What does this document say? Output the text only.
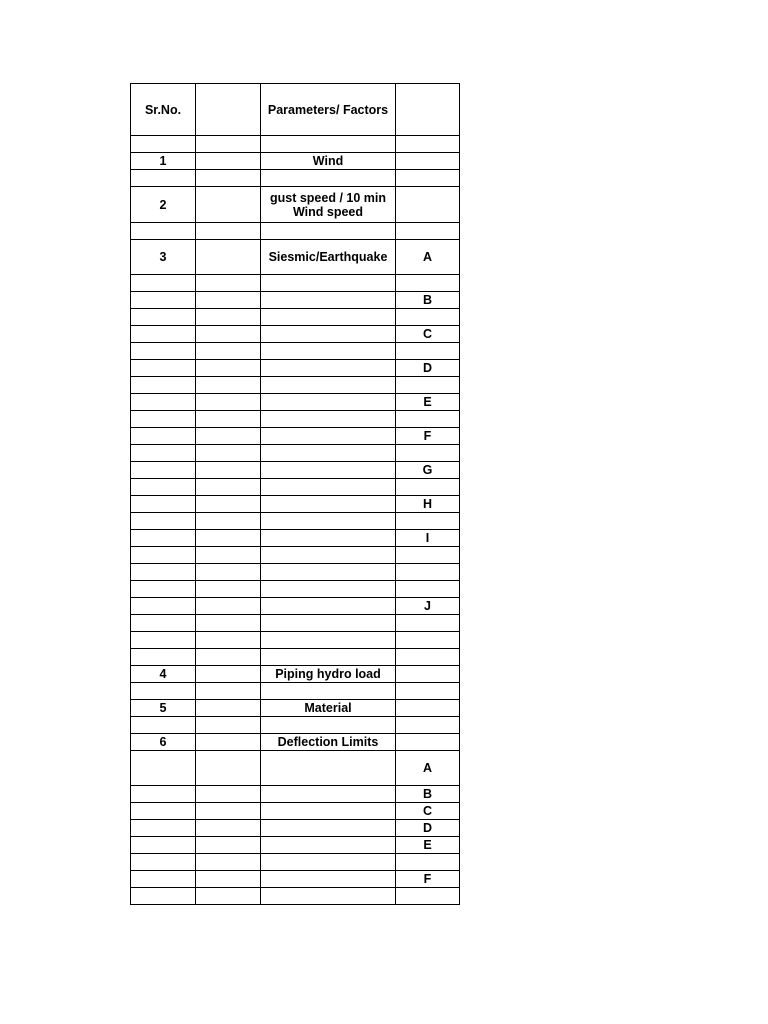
Sr.No.		Parameters/ Factors	

1		Wind	

2		gust speed / 10 min
Wind speed	

3		Siesmic/Earthquake	A

			B

			C

			D

			E

			F

			G

			H

			I

			J

4		Piping hydro load	

5		Material	

6		Deflection Limits	
			A
			B
			C
			D
			E

			F
